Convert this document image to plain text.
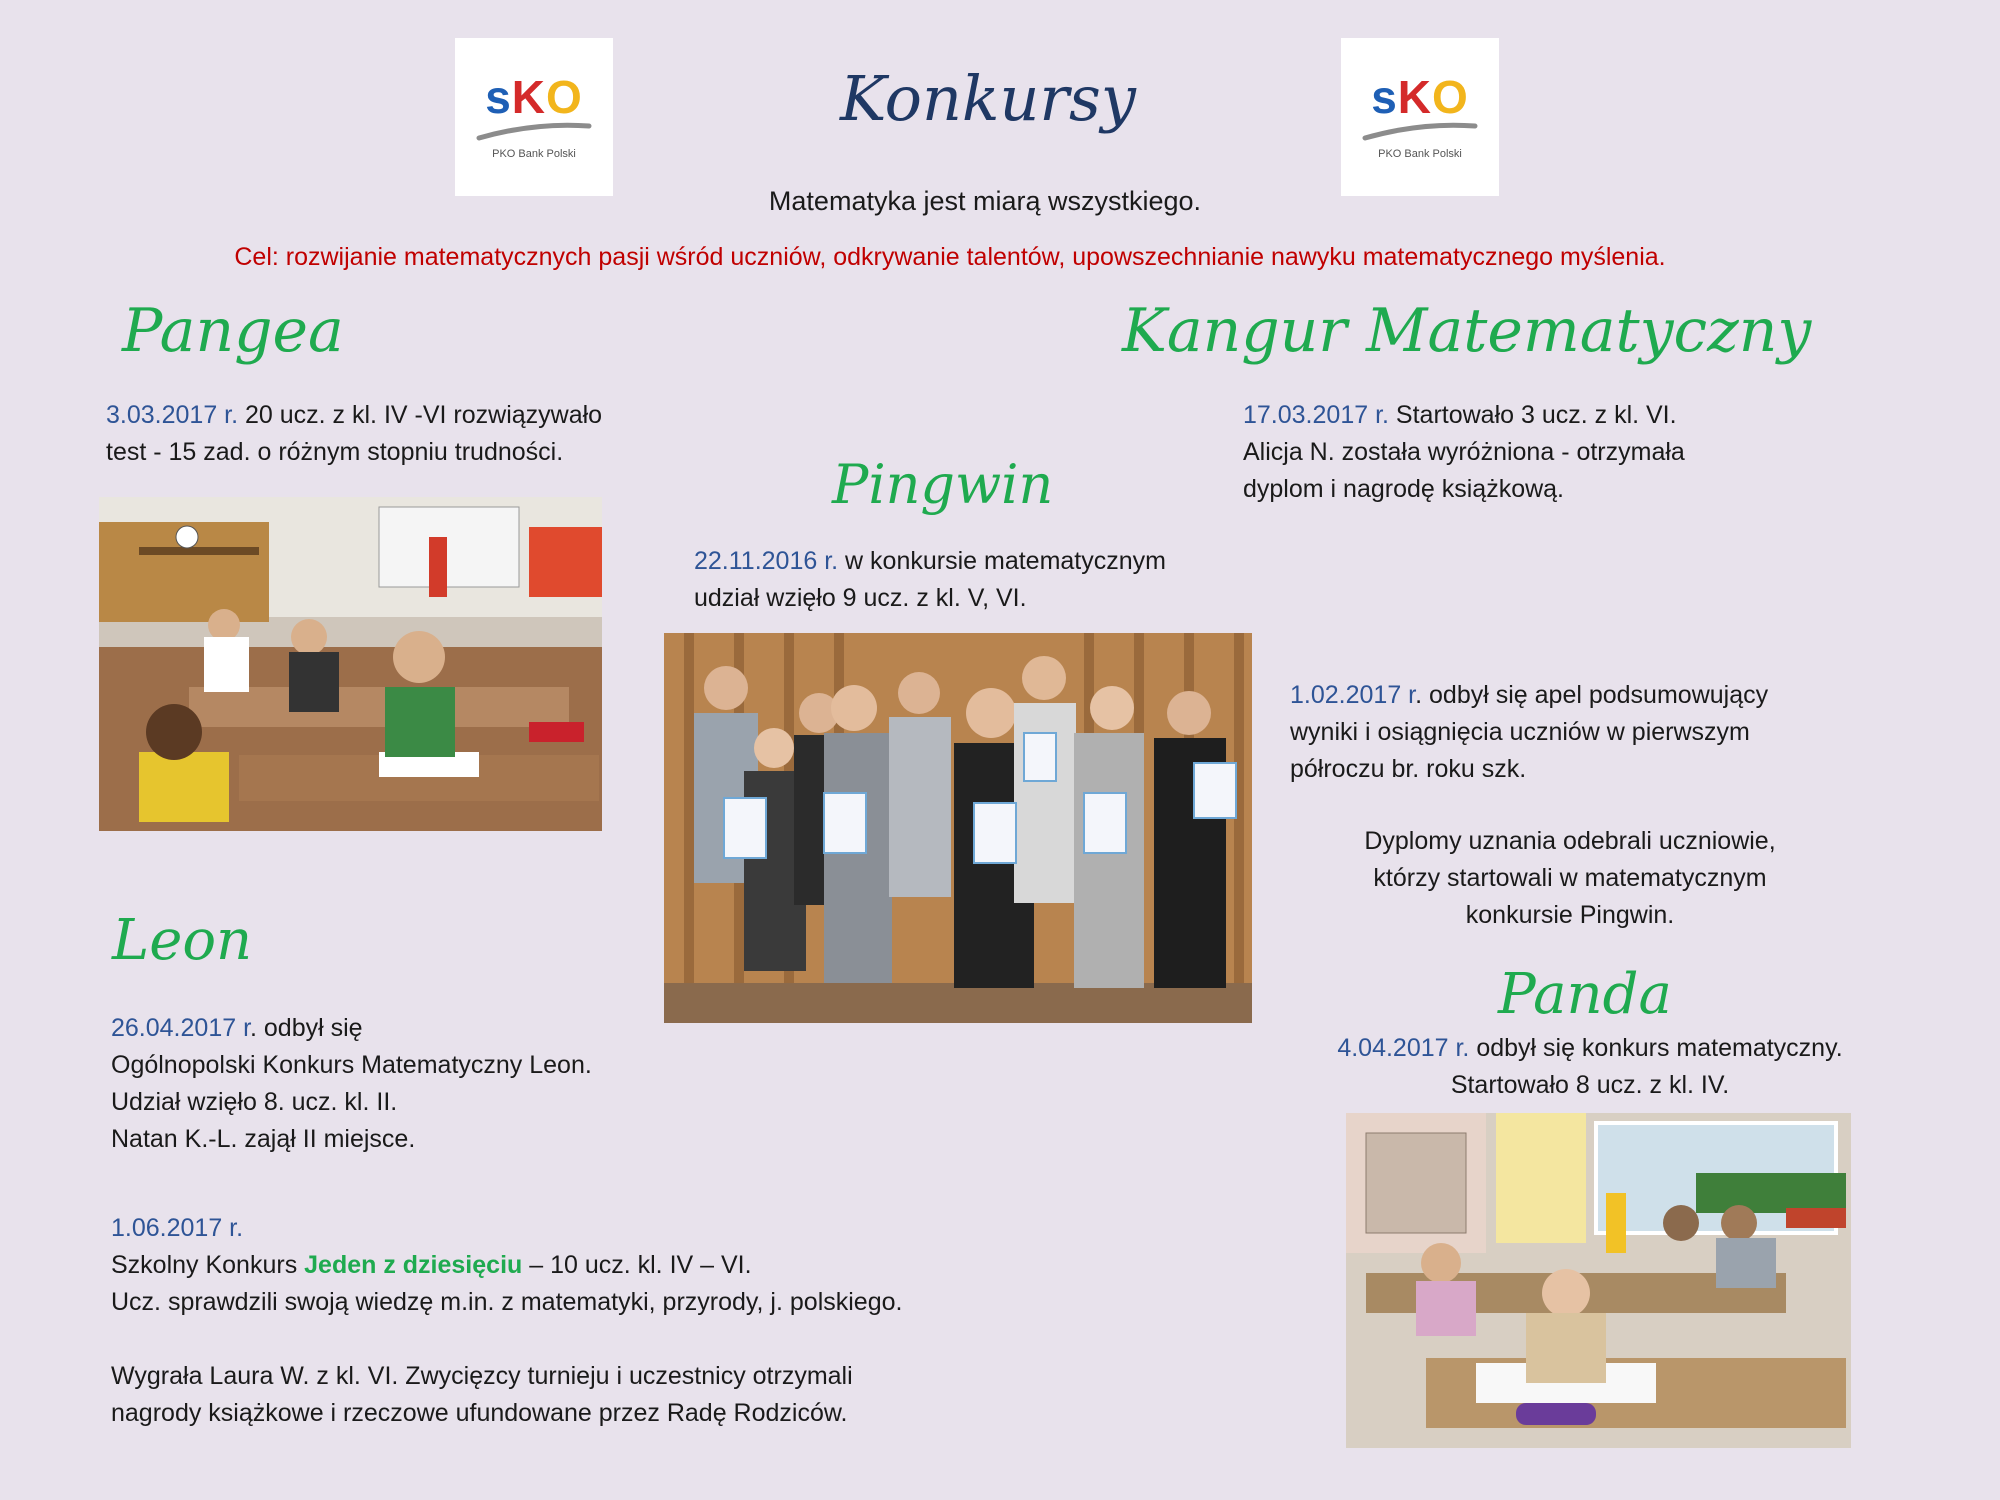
sKO
PKO Bank Polski
sKO
PKO Bank Polski
Konkursy
Matematyka jest miarą wszystkiego.
Cel: rozwijanie matematycznych pasji wśród uczniów, odkrywanie talentów, upowszechnianie nawyku matematycznego myślenia.
Pangea
3.03.2017 r. 20 ucz. z kl. IV -VI rozwiązywało
test - 15 zad. o różnym stopniu trudności.
Kangur Matematyczny
17.03.2017 r. Startowało 3 ucz. z kl. VI.
Alicja N. została wyróżniona - otrzymała
dyplom i nagrodę książkową.
Pingwin
22.11.2016 r. w konkursie matematycznym
udział wzięło 9 ucz. z kl. V, VI.
1.02.2017 r. odbył się apel podsumowujący
wyniki i osiągnięcia uczniów w pierwszym
półroczu br. roku szk.
Dyplomy uznania odebrali uczniowie,
którzy startowali w matematycznym
konkursie Pingwin.
Panda
4.04.2017 r. odbył się konkurs matematyczny.
Startowało 8 ucz. z kl. IV.
Leon
26.04.2017 r. odbył się
Ogólnopolski Konkurs Matematyczny Leon.
Udział wzięło 8. ucz. kl. II.
Natan K.-L. zajął II miejsce.
1.06.2017 r.
Szkolny Konkurs Jeden z dziesięciu – 10 ucz. kl. IV – VI.
Ucz. sprawdzili swoją wiedzę m.in. z matematyki, przyrody, j. polskiego.

Wygrała Laura W. z kl. VI. Zwycięzcy turnieju i uczestnicy otrzymali
nagrody książkowe i rzeczowe ufundowane przez Radę Rodziców.
